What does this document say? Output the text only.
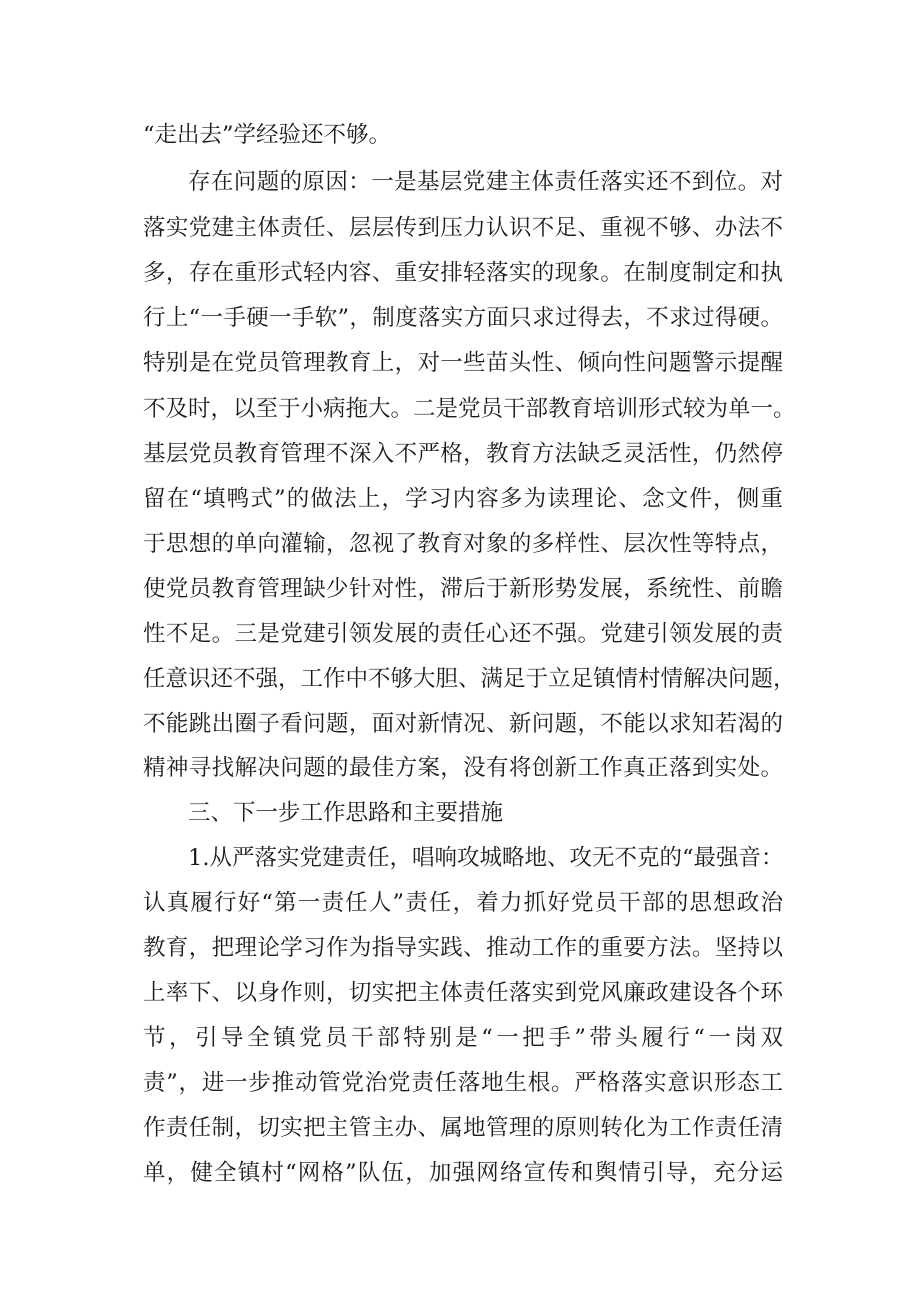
“走出去”学经验还不够。
存在问题的原因：一是基层党建主体责任落实还不到位。对
落实党建主体责任、层层传到压力认识不足、重视不够、办法不
多，存在重形式轻内容、重安排轻落实的现象。在制度制定和执
行上“一手硬一手软”，制度落实方面只求过得去，不求过得硬。
特别是在党员管理教育上，对一些苗头性、倾向性问题警示提醒
不及时，以至于小病拖大。二是党员干部教育培训形式较为单一。
基层党员教育管理不深入不严格，教育方法缺乏灵活性，仍然停
留在“填鸭式”的做法上，学习内容多为读理论、念文件，侧重
于思想的单向灌输，忽视了教育对象的多样性、层次性等特点，
使党员教育管理缺少针对性，滞后于新形势发展，系统性、前瞻
性不足。三是党建引领发展的责任心还不强。党建引领发展的责
任意识还不强，工作中不够大胆、满足于立足镇情村情解决问题，
不能跳出圈子看问题，面对新情况、新问题，不能以求知若渴的
精神寻找解决问题的最佳方案，没有将创新工作真正落到实处。
三、下一步工作思路和主要措施
1.从严落实党建责任，唱响攻城略地、攻无不克的“最强音：
认真履行好“第一责任人”责任，着力抓好党员干部的思想政治
教育，把理论学习作为指导实践、推动工作的重要方法。坚持以
上率下、以身作则，切实把主体责任落实到党风廉政建设各个环
节，引导全镇党员干部特别是“一把手”带头履行“一岗双
责”，进一步推动管党治党责任落地生根。严格落实意识形态工
作责任制，切实把主管主办、属地管理的原则转化为工作责任清
单，健全镇村“网格”队伍，加强网络宣传和舆情引导，充分运
